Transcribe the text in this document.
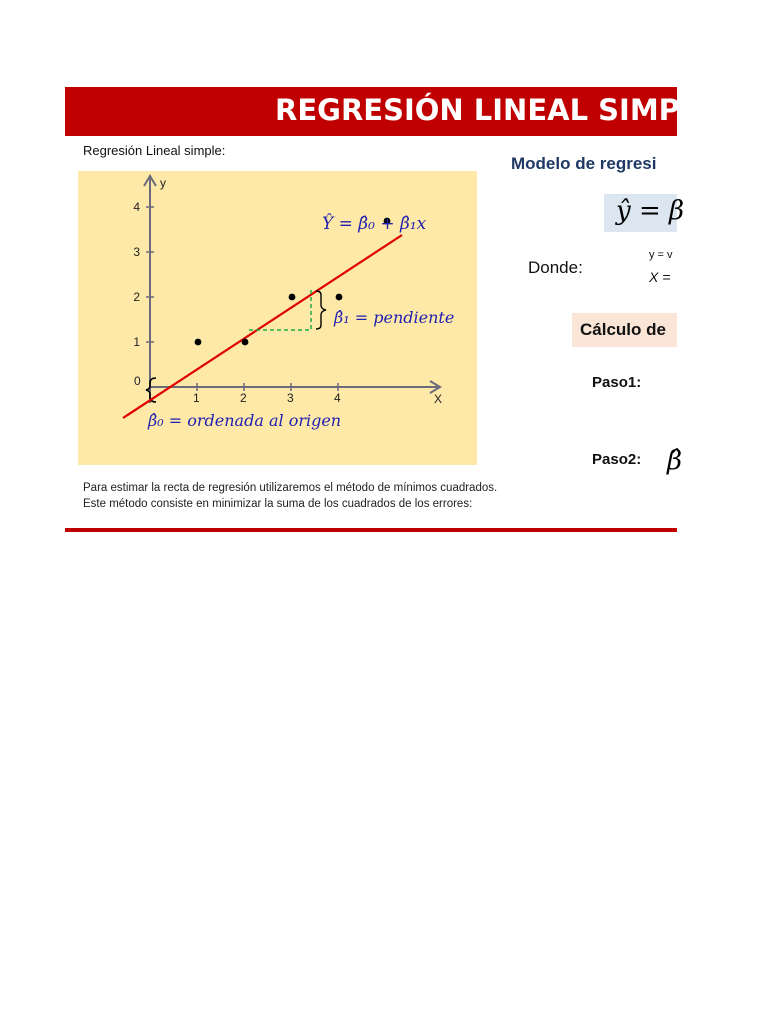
REGRESIÓN LINEAL SIMP
Regresión Lineal simple:
X
y
1	2	3	4
1
2
3
4
0
Ŷ = β̂₀ + β̂₁x
β̂₁ = pendiente
β̂₀ = ordenada al origen
Para estimar la recta de regresión utilizaremos el método de mínimos cuadrados.
Este método consiste en minimizar la suma de los cuadrados de los errores:
Modelo de regresi
ŷ = β
Donde:
y = v
X =
Cálculo de
Paso1:
Paso2: β̂
